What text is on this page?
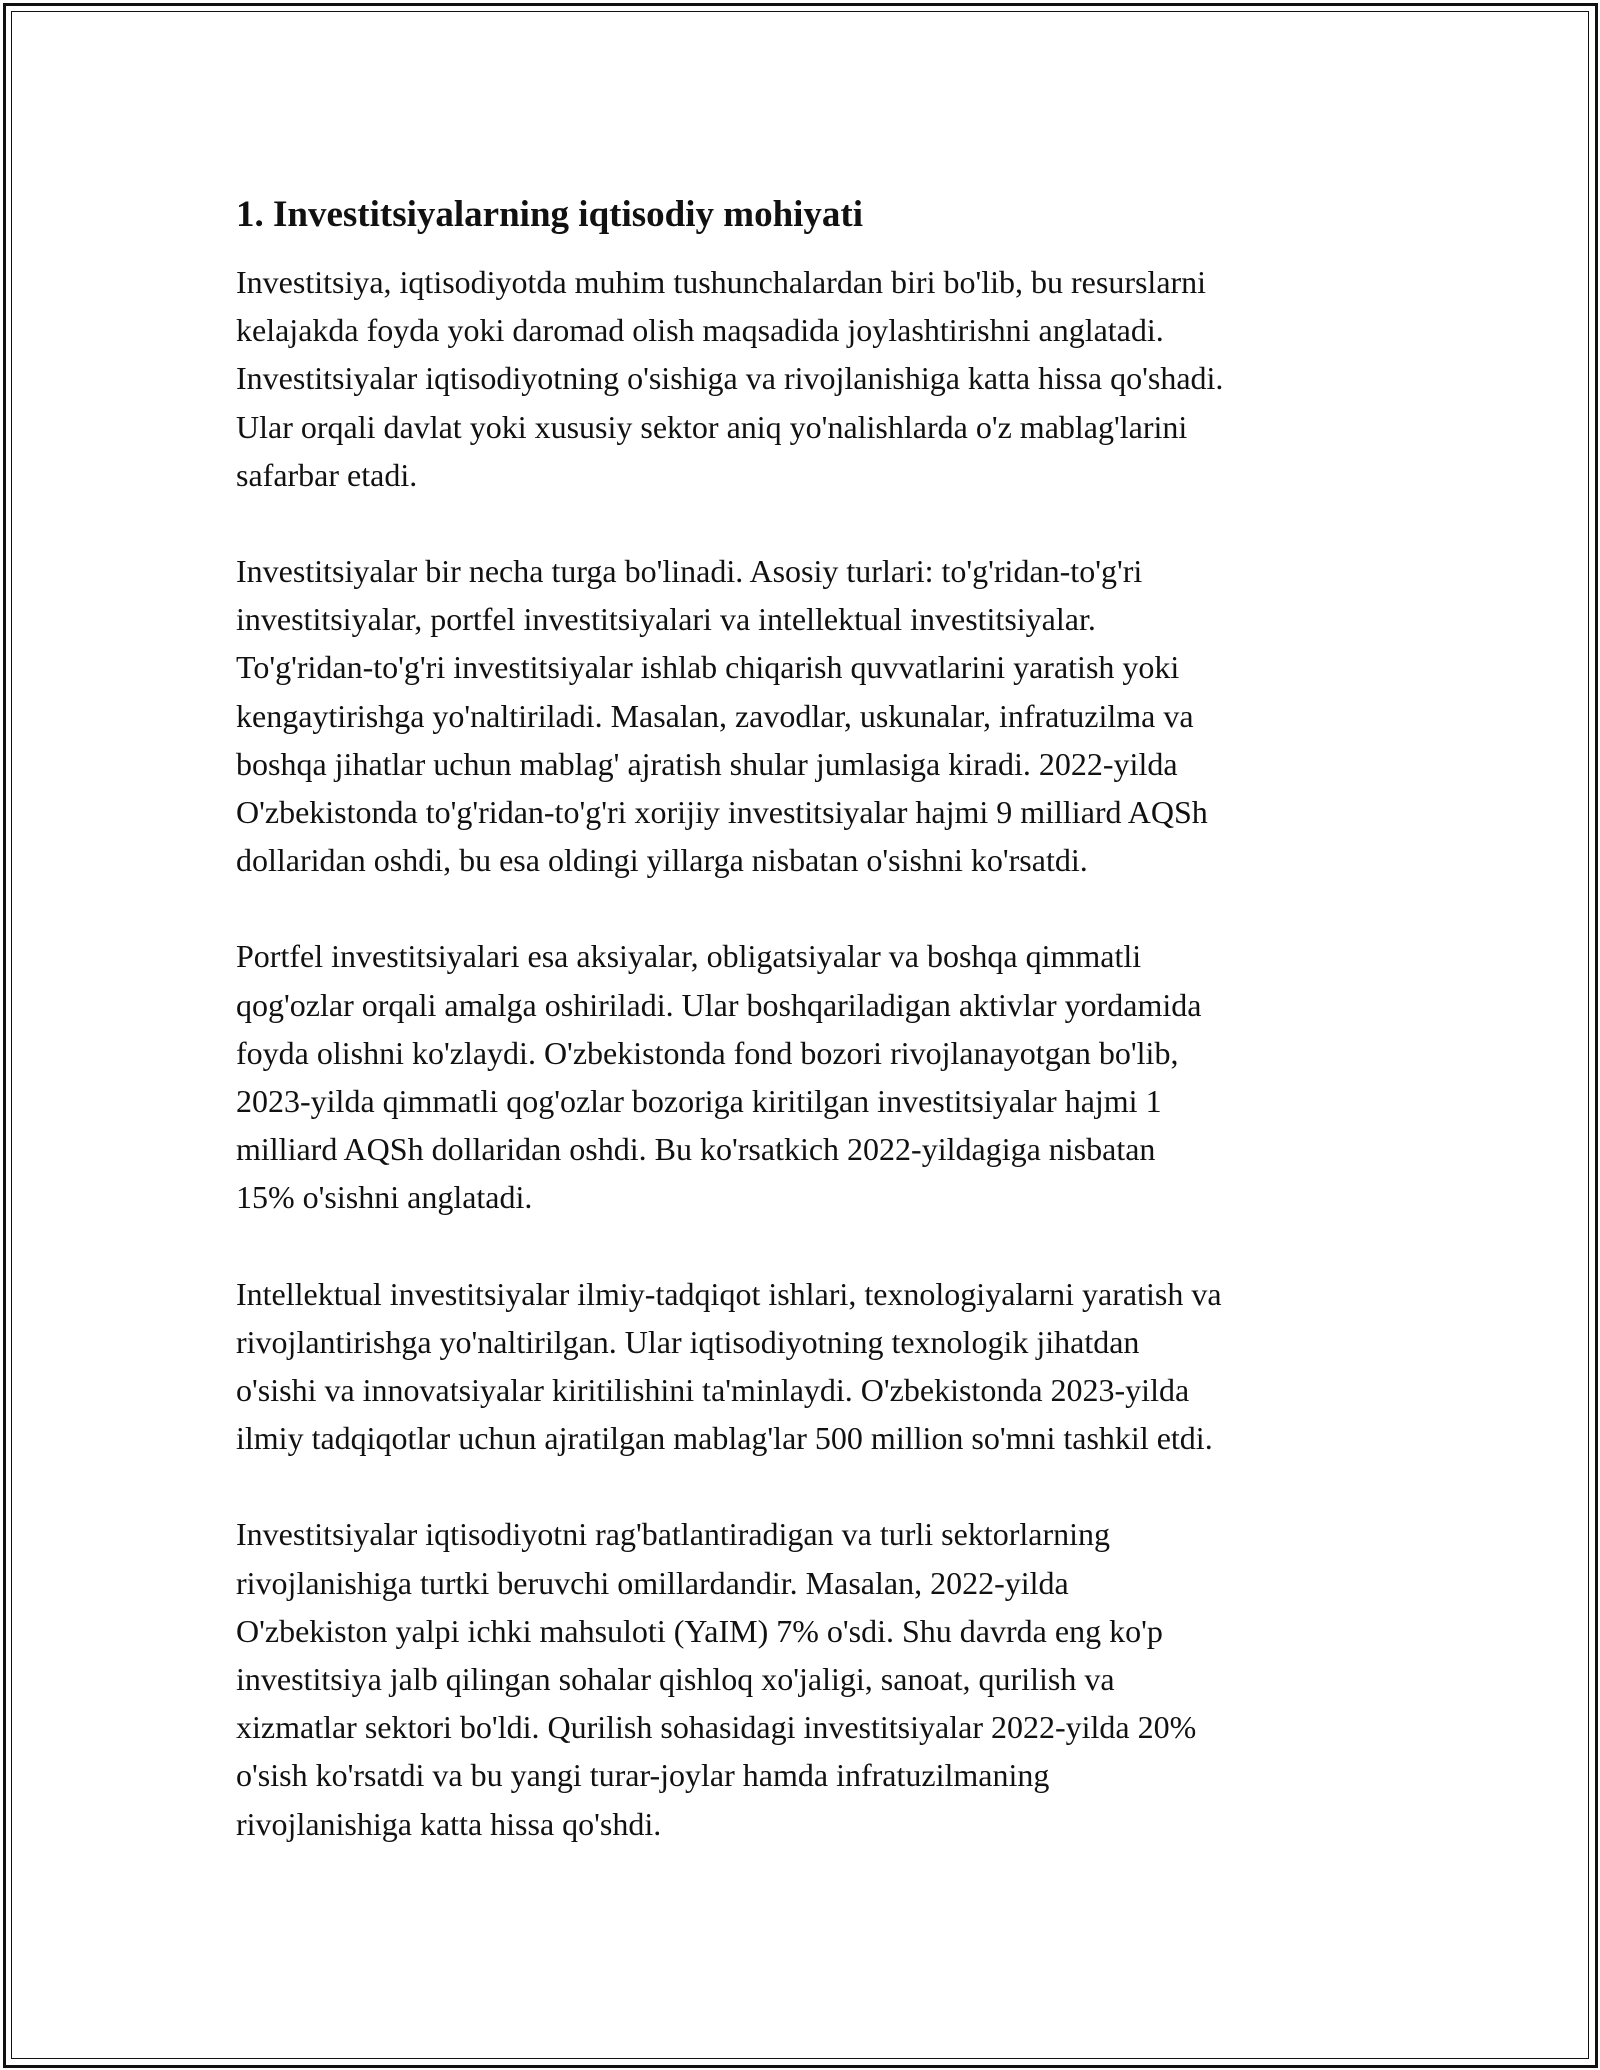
1. Investitsiyalarning iqtisodiy mohiyati

Investitsiya, iqtisodiyotda muhim tushunchalardan biri bo'lib, bu resurslarni
kelajakda foyda yoki daromad olish maqsadida joylashtirishni anglatadi.
Investitsiyalar iqtisodiyotning o'sishiga va rivojlanishiga katta hissa qo'shadi.
Ular orqali davlat yoki xususiy sektor aniq yo'nalishlarda o'z mablag'larini
safarbar etadi.

Investitsiyalar bir necha turga bo'linadi. Asosiy turlari: to'g'ridan-to'g'ri
investitsiyalar, portfel investitsiyalari va intellektual investitsiyalar.
To'g'ridan-to'g'ri investitsiyalar ishlab chiqarish quvvatlarini yaratish yoki
kengaytirishga yo'naltiriladi. Masalan, zavodlar, uskunalar, infratuzilma va
boshqa jihatlar uchun mablag' ajratish shular jumlasiga kiradi. 2022-yilda
O'zbekistonda to'g'ridan-to'g'ri xorijiy investitsiyalar hajmi 9 milliard AQSh
dollaridan oshdi, bu esa oldingi yillarga nisbatan o'sishni ko'rsatdi.

Portfel investitsiyalari esa aksiyalar, obligatsiyalar va boshqa qimmatli
qog'ozlar orqali amalga oshiriladi. Ular boshqariladigan aktivlar yordamida
foyda olishni ko'zlaydi. O'zbekistonda fond bozori rivojlanayotgan bo'lib,
2023-yilda qimmatli qog'ozlar bozoriga kiritilgan investitsiyalar hajmi 1
milliard AQSh dollaridan oshdi. Bu ko'rsatkich 2022-yildagiga nisbatan
15% o'sishni anglatadi.

Intellektual investitsiyalar ilmiy-tadqiqot ishlari, texnologiyalarni yaratish va
rivojlantirishga yo'naltirilgan. Ular iqtisodiyotning texnologik jihatdan
o'sishi va innovatsiyalar kiritilishini ta'minlaydi. O'zbekistonda 2023-yilda
ilmiy tadqiqotlar uchun ajratilgan mablag'lar 500 million so'mni tashkil etdi.

Investitsiyalar iqtisodiyotni rag'batlantiradigan va turli sektorlarning
rivojlanishiga turtki beruvchi omillardandir. Masalan, 2022-yilda
O'zbekiston yalpi ichki mahsuloti (YaIM) 7% o'sdi. Shu davrda eng ko'p
investitsiya jalb qilingan sohalar qishloq xo'jaligi, sanoat, qurilish va
xizmatlar sektori bo'ldi. Qurilish sohasidagi investitsiyalar 2022-yilda 20%
o'sish ko'rsatdi va bu yangi turar-joylar hamda infratuzilmaning
rivojlanishiga katta hissa qo'shdi.
